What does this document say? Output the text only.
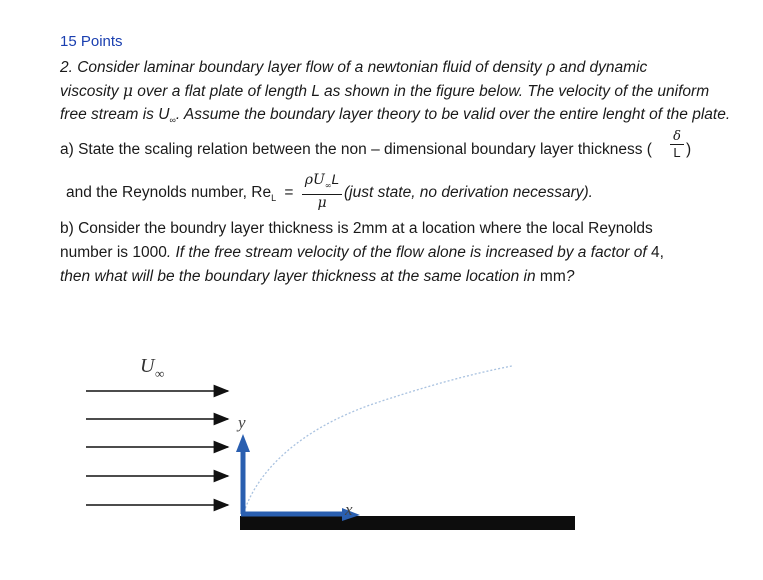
15 Points
2. Consider laminar boundary layer flow of a newtonian fluid of density ρ and dynamic
viscosity μ over a flat plate of length L as shown in the figure below. The velocity of the uniform
free stream is $U_\infty$. Assume the boundary layer theory to be valid over the entire lenght of the plate.
a) State the scaling relation between the non – dimensional boundary layer thickness (
δ
L )
and the Reynolds number, $Re_L$ =
$\rho U_\infty L$
μ
(just state, no derivation necessary).
b) Consider the boundry layer thickness is 2mm at a location where the local Reynolds
number is 1000. If the free stream velocity of the flow alone is increased by a factor of 4,
then what will be the boundary layer thickness at the same location in mm?
U ∞
y
x
